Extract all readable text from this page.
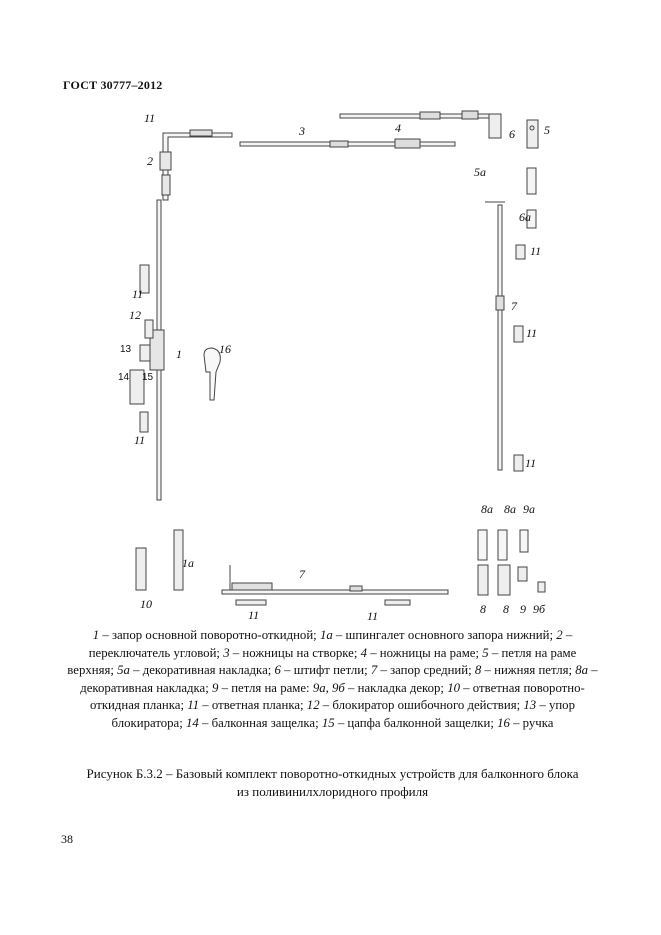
ГОСТ 30777–2012
11
2
3	4	6 5
5а
6а
11
11
12
13	1	16
14 15
11
7
11
11
1а
7
8а 8а 9а
10
11	11	8 8 9 9б
1 – запор основной поворотно-откидной; 1а – шпингалет основного запора нижний; 2 – переключатель угловой; 3 – ножницы на створке; 4 – ножницы на раме; 5 – петля на раме верхняя; 5а – декоративная накладка; 6 – штифт петли; 7 – запор средний; 8 – нижняя петля; 8а – декоративная накладка; 9 – петля на раме: 9а, 9б – накладка декор; 10 – ответная поворотно-откидная планка; 11 – ответная планка; 12 – блокиратор ошибочного действия; 13 – упор блокиратора; 14 – балконная защелка; 15 – цапфа балконной защелки; 16 – ручка
Рисунок Б.3.2 – Базовый комплект поворотно-откидных устройств для балконного блока
из поливинилхлоридного профиля
38
